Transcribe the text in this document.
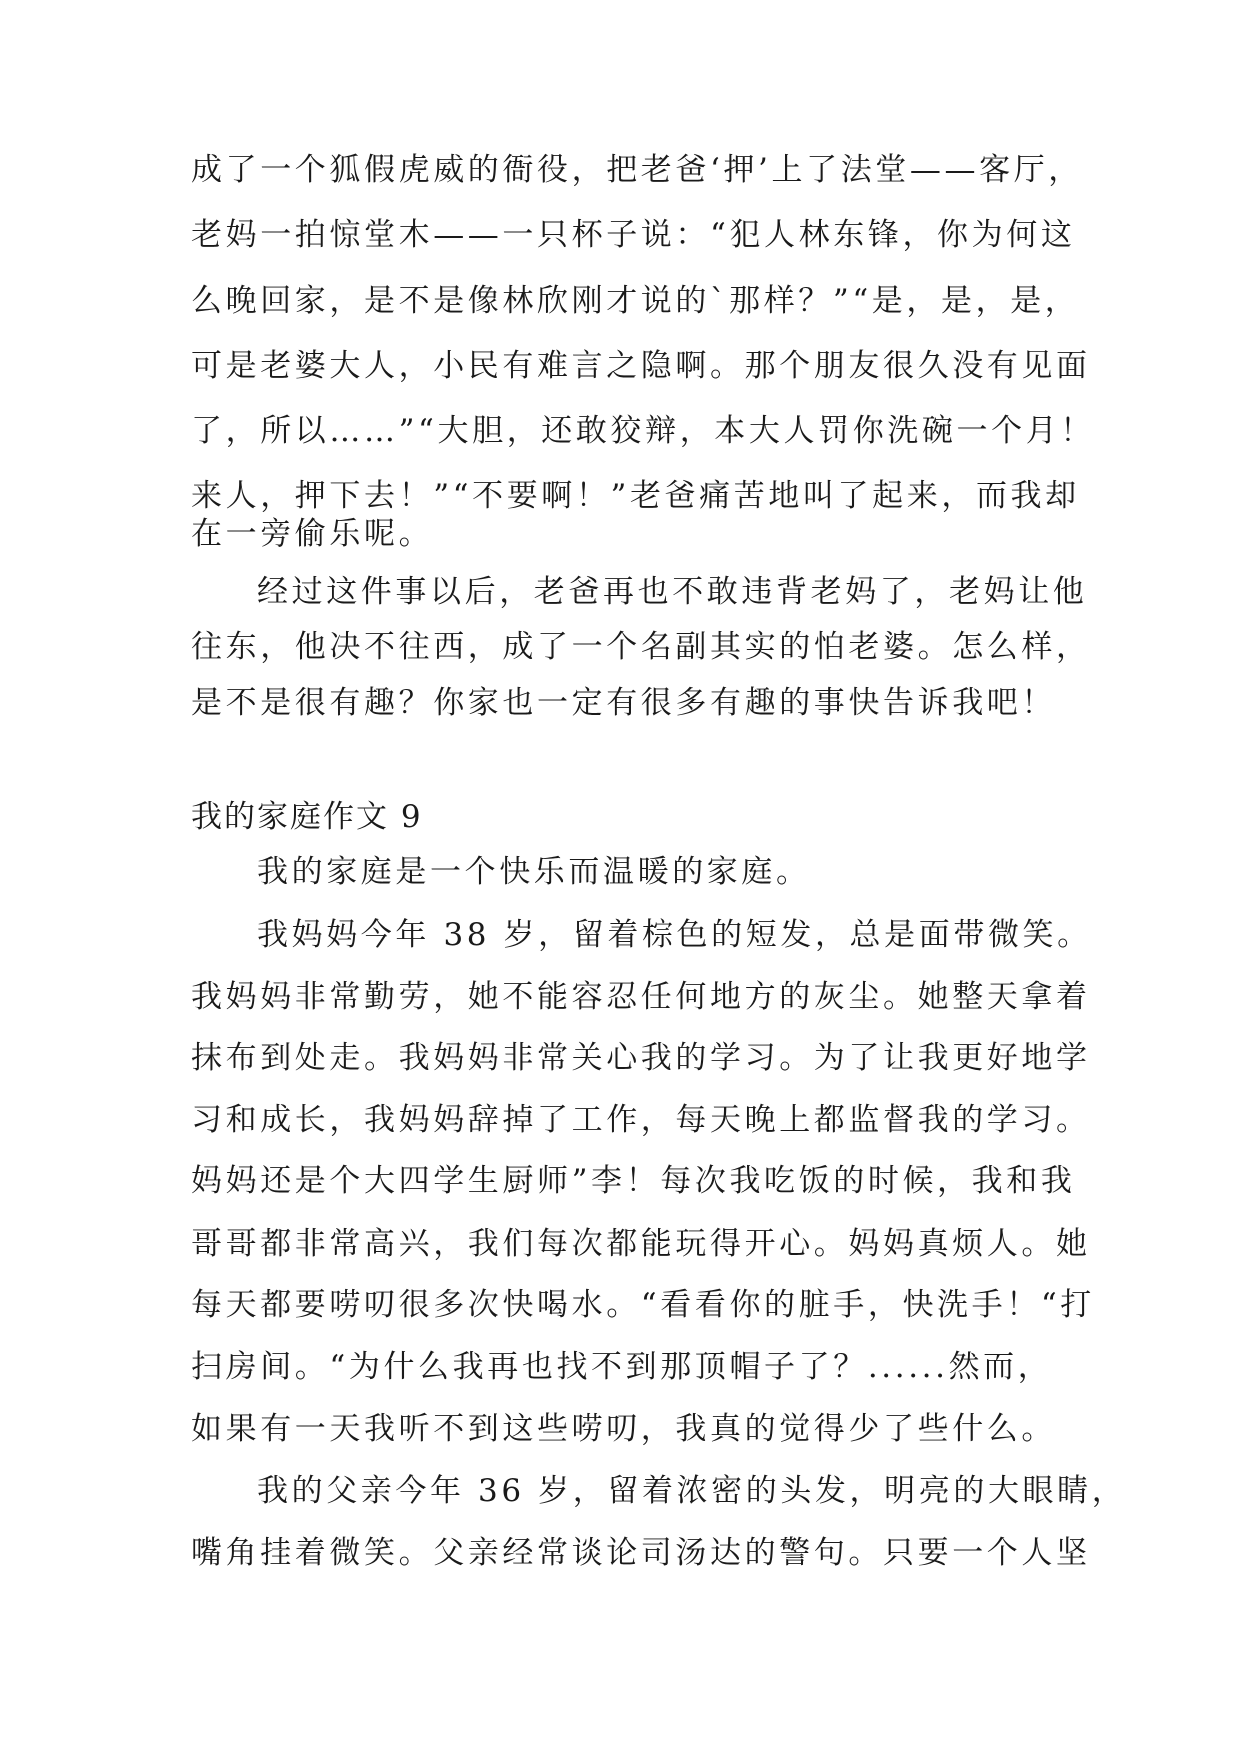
成了一个狐假虎威的衙役，把老爸‘押’上了法堂——客厅，
老妈一拍惊堂木——一只杯子说：“犯人林东锋，你为何这
么晚回家，是不是像林欣刚才说的`那样？”“是，是，是，
可是老婆大人，小民有难言之隐啊。那个朋友很久没有见面
了，所以……”“大胆，还敢狡辩，本大人罚你洗碗一个月！
来人，押下去！”“不要啊！”老爸痛苦地叫了起来，而我却
在一旁偷乐呢。
经过这件事以后，老爸再也不敢违背老妈了，老妈让他
往东，他决不往西，成了一个名副其实的怕老婆。怎么样，
是不是很有趣？你家也一定有很多有趣的事快告诉我吧！
我的家庭作文 9
我的家庭是一个快乐而温暖的家庭。
我妈妈今年 38 岁，留着棕色的短发，总是面带微笑。
我妈妈非常勤劳，她不能容忍任何地方的灰尘。她整天拿着
抹布到处走。我妈妈非常关心我的学习。为了让我更好地学
习和成长，我妈妈辞掉了工作，每天晚上都监督我的学习。
妈妈还是个大四学生厨师”李！每次我吃饭的时候，我和我
哥哥都非常高兴，我们每次都能玩得开心。妈妈真烦人。她
每天都要唠叨很多次快喝水。“看看你的脏手，快洗手！“打
扫房间。“为什么我再也找不到那顶帽子了？......然而，
如果有一天我听不到这些唠叨，我真的觉得少了些什么。
我的父亲今年 36 岁，留着浓密的头发，明亮的大眼睛，
嘴角挂着微笑。父亲经常谈论司汤达的警句。只要一个人坚
